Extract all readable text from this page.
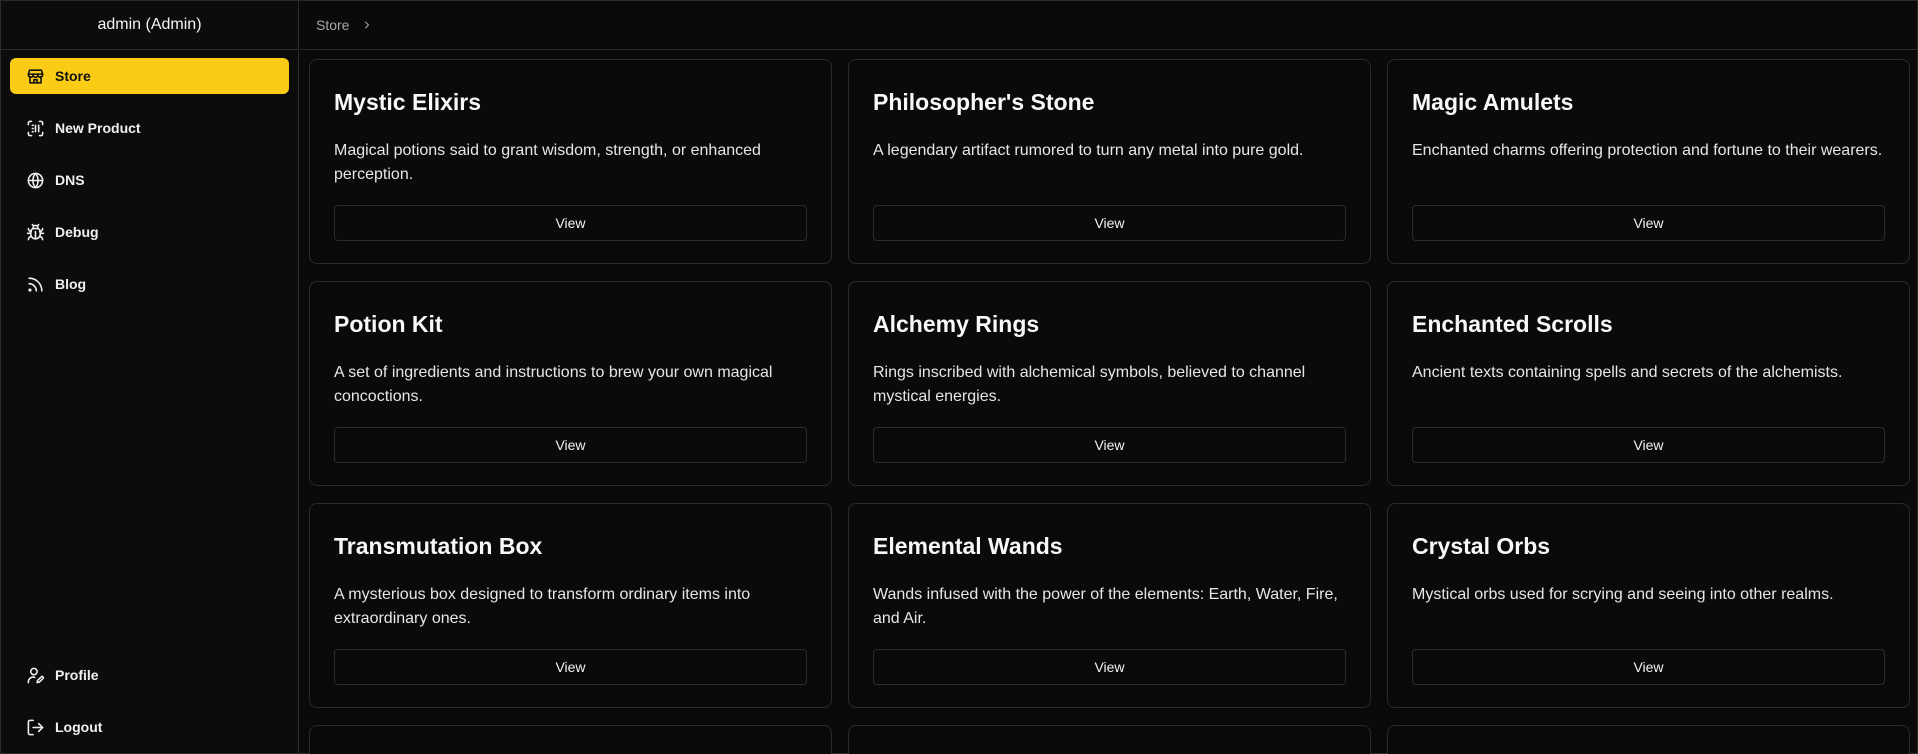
admin (Admin)
Store
New Product
DNS
Debug
Blog
Profile
Logout
Store
Mystic Elixirs
Magical potions said to grant wisdom, strength, or enhanced perception.
View
Philosopher's Stone
A legendary artifact rumored to turn any metal into pure gold.
View
Magic Amulets
Enchanted charms offering protection and fortune to their wearers.
View
Potion Kit
A set of ingredients and instructions to brew your own magical concoctions.
View
Alchemy Rings
Rings inscribed with alchemical symbols, believed to channel mystical energies.
View
Enchanted Scrolls
Ancient texts containing spells and secrets of the alchemists.
View
Transmutation Box
A mysterious box designed to transform ordinary items into extraordinary ones.
View
Elemental Wands
Wands infused with the power of the elements: Earth, Water, Fire, and Air.
View
Crystal Orbs
Mystical orbs used for scrying and seeing into other realms.
View
